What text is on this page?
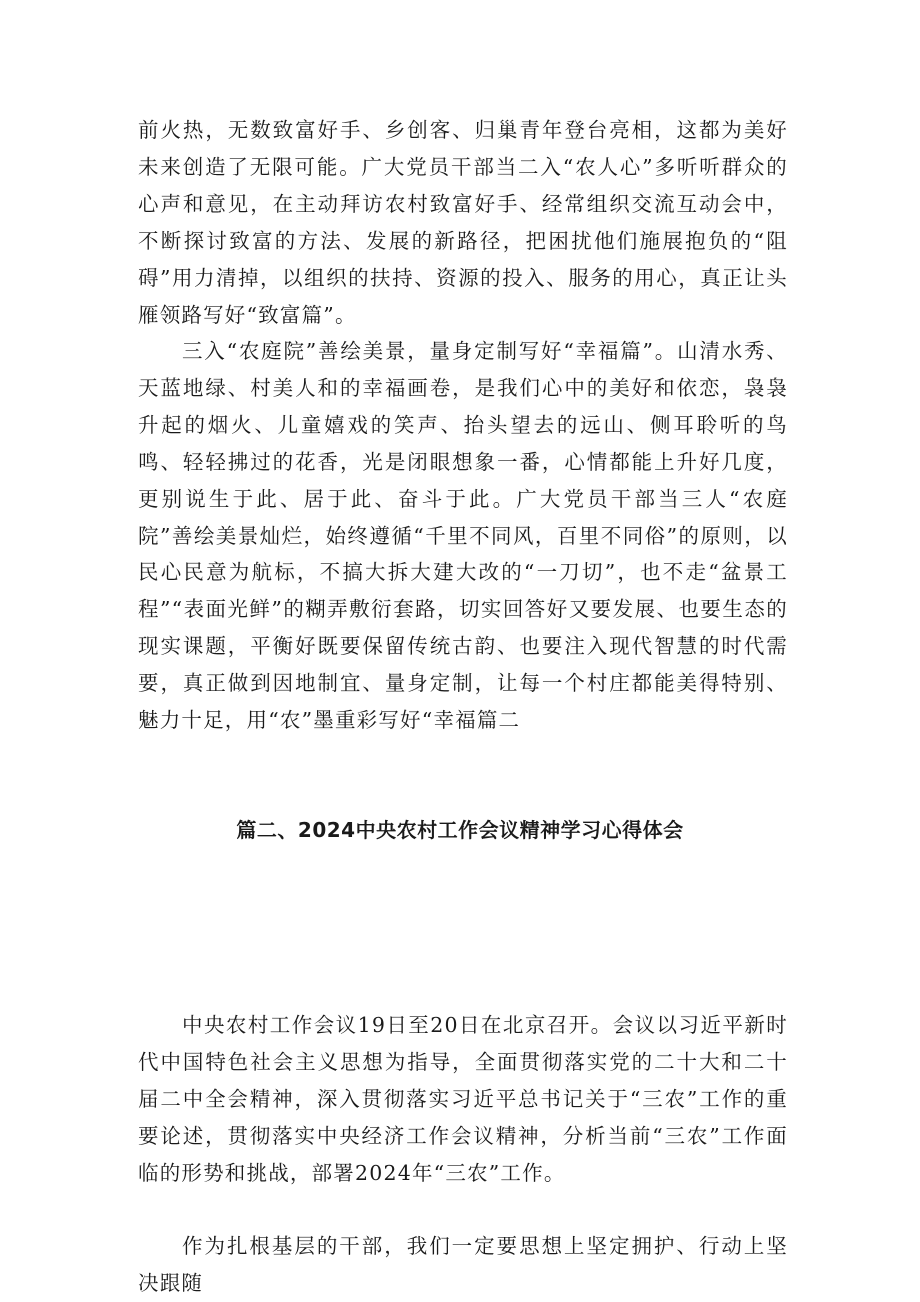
前火热，无数致富好手、乡创客、归巢青年登台亮相，这都为美好未来创造了无限可能。广大党员干部当二入“农人心”多听听群众的心声和意见，在主动拜访农村致富好手、经常组织交流互动会中，不断探讨致富的方法、发展的新路径，把困扰他们施展抱负的“阻碍”用力清掉，以组织的扶持、资源的投入、服务的用心，真正让头雁领路写好“致富篇”。

三入“农庭院”善绘美景，量身定制写好“幸福篇”。山清水秀、天蓝地绿、村美人和的幸福画卷，是我们心中的美好和依恋，袅袅升起的烟火、儿童嬉戏的笑声、抬头望去的远山、侧耳聆听的鸟鸣、轻轻拂过的花香，光是闭眼想象一番，心情都能上升好几度，更别说生于此、居于此、奋斗于此。广大党员干部当三人“农庭院”善绘美景灿烂，始终遵循“千里不同风，百里不同俗”的原则，以民心民意为航标，不搞大拆大建大改的“一刀切”，也不走“盆景工程”“表面光鲜”的糊弄敷衍套路，切实回答好又要发展、也要生态的现实课题，平衡好既要保留传统古韵、也要注入现代智慧的时代需要，真正做到因地制宜、量身定制，让每一个村庄都能美得特别、魅力十足，用“农”墨重彩写好“幸福篇二

篇二、2024中央农村工作会议精神学习心得体会

中央农村工作会议19日至20日在北京召开。会议以习近平新时代中国特色社会主义思想为指导，全面贯彻落实党的二十大和二十届二中全会精神，深入贯彻落实习近平总书记关于“三农”工作的重要论述，贯彻落实中央经济工作会议精神，分析当前“三农”工作面临的形势和挑战，部署2024年“三农”工作。

作为扎根基层的干部，我们一定要思想上坚定拥护、行动上坚决跟随
